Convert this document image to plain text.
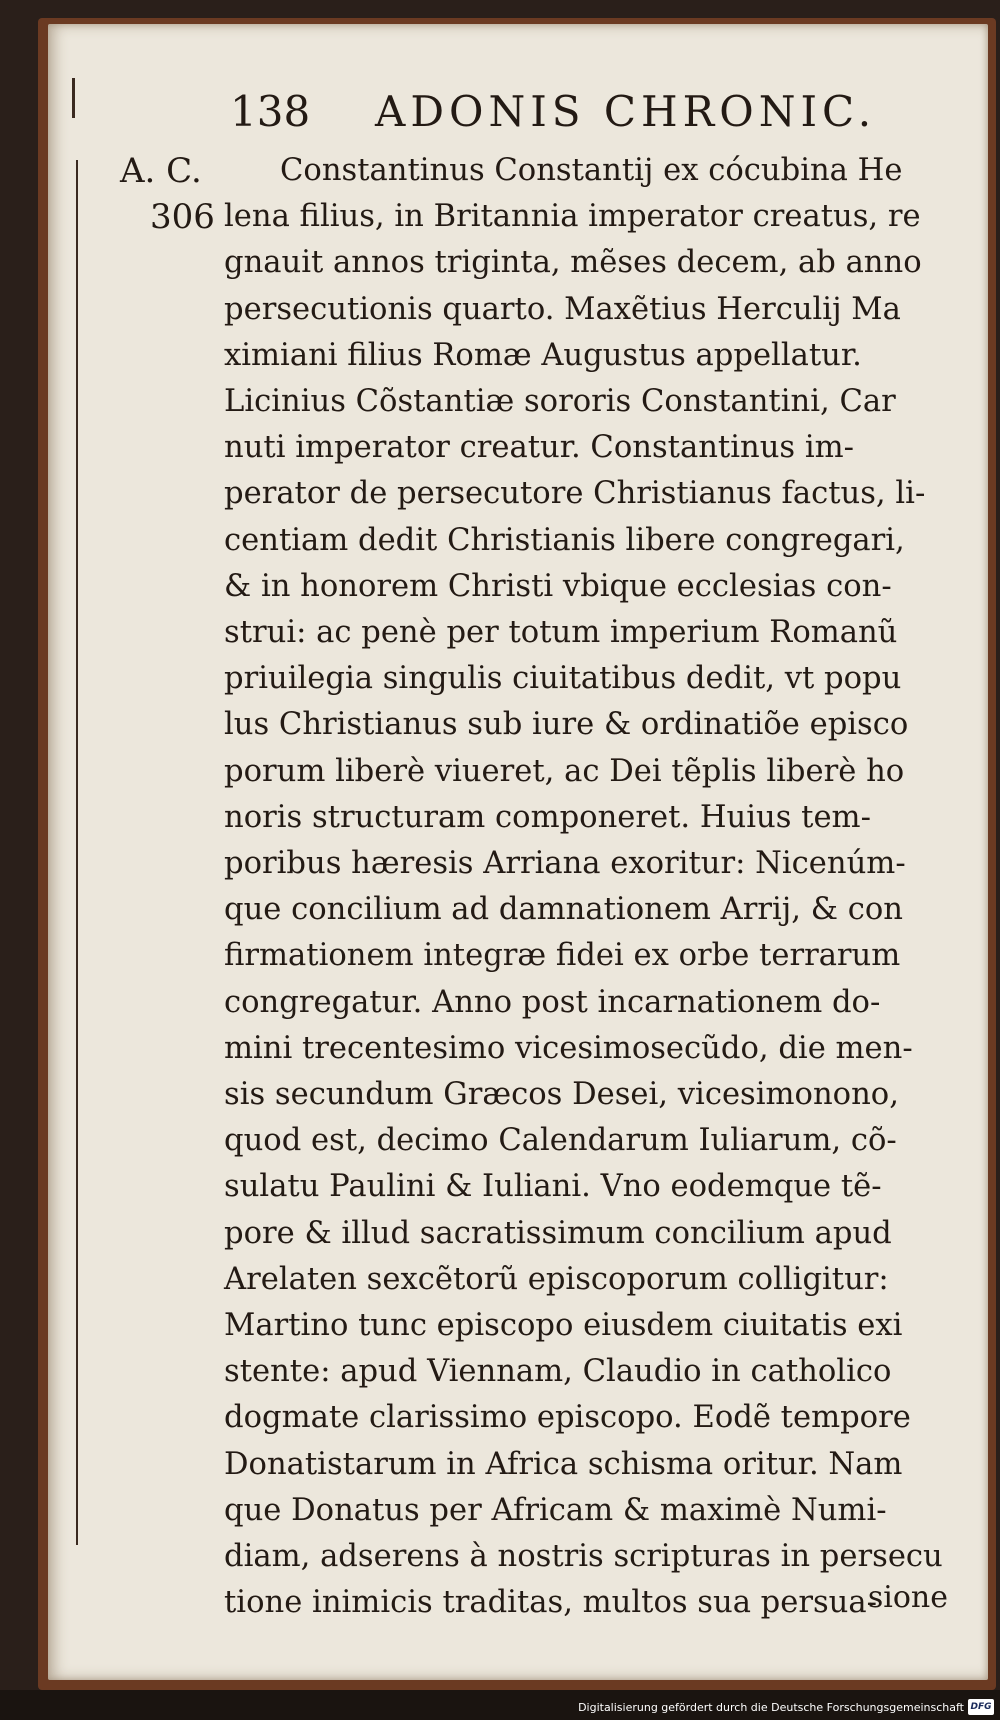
138 ADONIS CHRONIC.
A. C.
306
Constantinus Constantij ex cócubina He
lena filius, in Britannia imperator creatus, re
gnauit annos triginta, mẽses decem, ab anno
persecutionis quarto. Maxẽtius Herculij Ma
ximiani filius Romæ Augustus appellatur.
Licinius Cõstantiæ sororis Constantini, Car
nuti imperator creatur. Constantinus im-
perator de persecutore Christianus factus, li-
centiam dedit Christianis libere congregari,
& in honorem Christi vbique ecclesias con-
strui: ac penè per totum imperium Romanũ
priuilegia singulis ciuitatibus dedit, vt popu
lus Christianus sub iure & ordinatiõe episco
porum liberè viueret, ac Dei tẽplis liberè ho
noris structuram componeret. Huius tem-
poribus hæresis Arriana exoritur: Nicenúm-
que concilium ad damnationem Arrij, & con
firmationem integræ fidei ex orbe terrarum
congregatur. Anno post incarnationem do-
mini trecentesimo vicesimosecũdo, die men-
sis secundum Græcos Desei, vicesimonono,
quod est, decimo Calendarum Iuliarum, cõ-
sulatu Paulini & Iuliani. Vno eodemque tẽ-
pore & illud sacratissimum concilium apud
Arelaten sexcẽtorũ episcoporum colligitur:
Martino tunc episcopo eiusdem ciuitatis exi
stente: apud Viennam, Claudio in catholico
dogmate clarissimo episcopo. Eodẽ tempore
Donatistarum in Africa schisma oritur. Nam
que Donatus per Africam & maximè Numi-
diam, adserens à nostris scripturas in persecu
tione inimicis traditas, multos sua persua-
sione
Digitalisierung gefördert durch die Deutsche Forschungsgemeinschaft DFG
